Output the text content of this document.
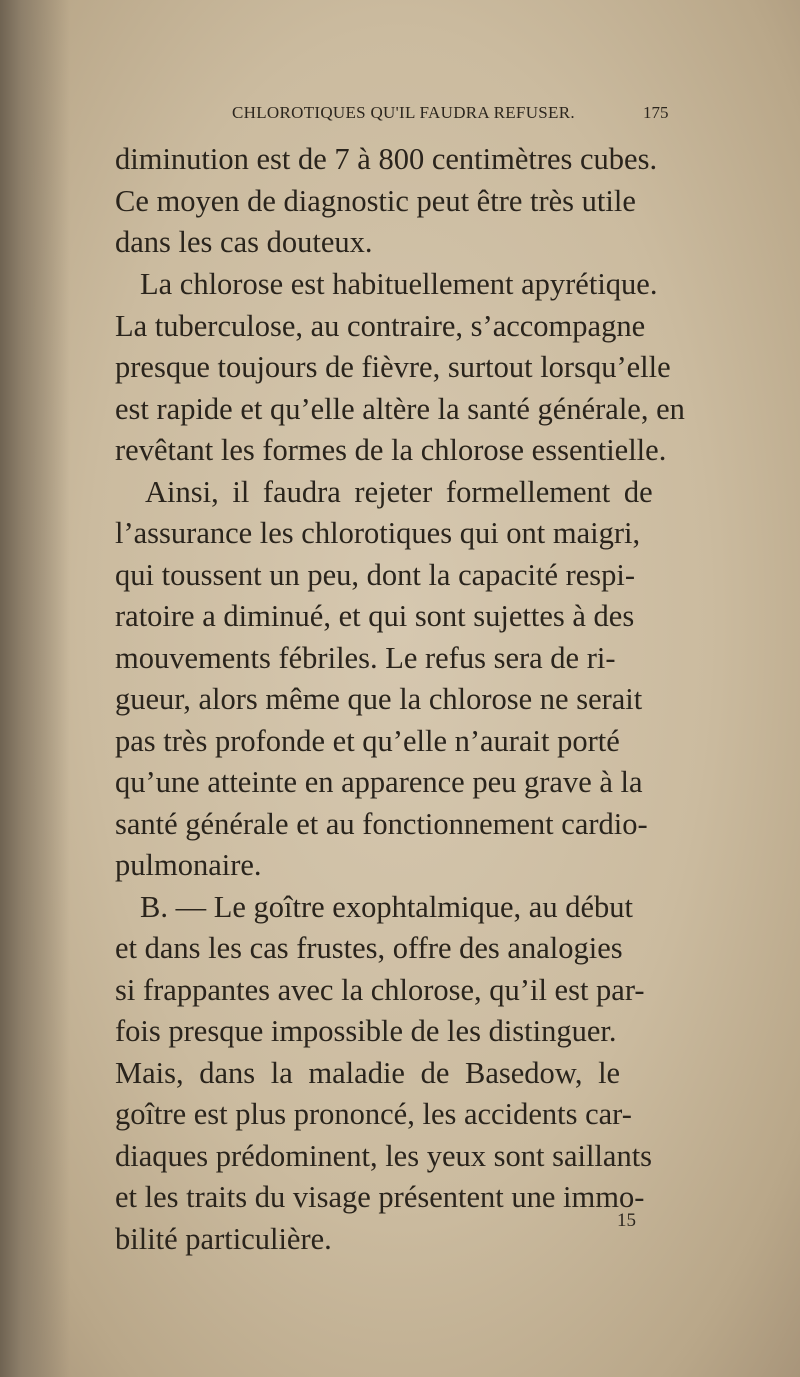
CHLOROTIQUES QU'IL FAUDRA REFUSER.	175
diminution est de 7 à 800 centimètres cubes.
Ce moyen de diagnostic peut être très utile
dans les cas douteux.
La chlorose est habituellement apyrétique.
La tuberculose, au contraire, s’accompagne
presque toujours de fièvre, surtout lorsqu’elle
est rapide et qu’elle altère la santé générale, en
revêtant les formes de la chlorose essentielle.
Ainsi, il faudra rejeter formellement de
l’assurance les chlorotiques qui ont maigri,
qui toussent un peu, dont la capacité respi-
ratoire a diminué, et qui sont sujettes à des
mouvements fébriles. Le refus sera de ri-
gueur, alors même que la chlorose ne serait
pas très profonde et qu’elle n’aurait porté
qu’une atteinte en apparence peu grave à la
santé générale et au fonctionnement cardio-
pulmonaire.
B. — Le goître exophtalmique, au début
et dans les cas frustes, offre des analogies
si frappantes avec la chlorose, qu’il est par-
fois presque impossible de les distinguer.
Mais, dans la maladie de Basedow, le
goître est plus prononcé, les accidents car-
diaques prédominent, les yeux sont saillants
et les traits du visage présentent une immo-
bilité particulière.
15
